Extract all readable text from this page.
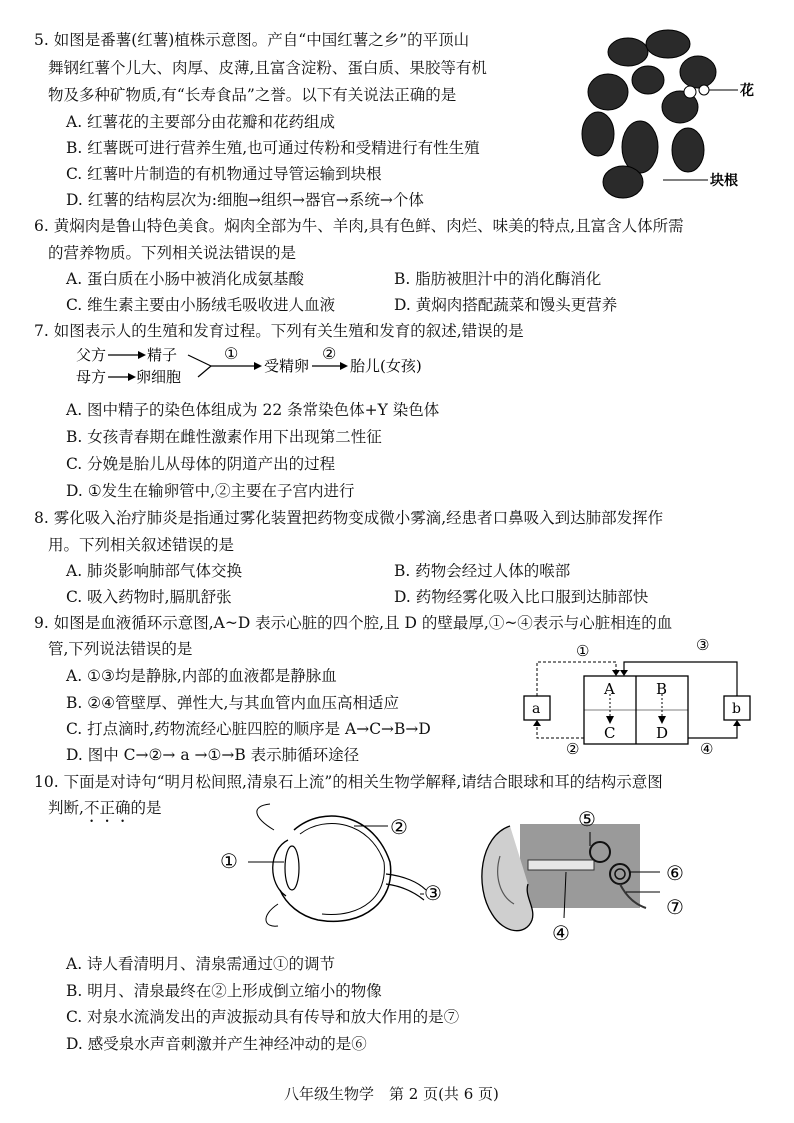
5. 如图是番薯(红薯)植株示意图。产自“中国红薯之乡”的平顶山
舞钢红薯个儿大、肉厚、皮薄,且富含淀粉、蛋白质、果胶等有机
物及多种矿物质,有“长寿食品”之誉。以下有关说法正确的是
A. 红薯花的主要部分由花瓣和花药组成
B. 红薯既可进行营养生殖,也可通过传粉和受精进行有性生殖
C. 红薯叶片制造的有机物通过导管运输到块根
D. 红薯的结构层次为:细胞→组织→器官→系统→个体
花
块根
6. 黄焖肉是鲁山特色美食。焖肉全部为牛、羊肉,具有色鲜、肉烂、味美的特点,且富含人体所需
的营养物质。下列相关说法错误的是
A. 蛋白质在小肠中被消化成氨基酸	B. 脂肪被胆汁中的消化酶消化
C. 维生素主要由小肠绒毛吸收进人血液	D. 黄焖肉搭配蔬菜和馒头更营养
7. 如图表示人的生殖和发育过程。下列有关生殖和发育的叙述,错误的是
父方	精子
母方 卵细胞
①
受精卵
②
胎儿(女孩)
A. 图中精子的染色体组成为 22 条常染色体+Y 染色体
B. 女孩青春期在雌性激素作用下出现第二性征
C. 分娩是胎儿从母体的阴道产出的过程
D. ①发生在输卵管中,②主要在子宫内进行
8. 雾化吸入治疗肺炎是指通过雾化装置把药物变成微小雾滴,经患者口鼻吸入到达肺部发挥作
用。下列相关叙述错误的是
A. 肺炎影响肺部气体交换	B. 药物会经过人体的喉部
C. 吸入药物时,膈肌舒张	D. 药物经雾化吸入比口服到达肺部快
9. 如图是血液循环示意图,A~D 表示心脏的四个腔,且 D 的壁最厚,①~④表示与心脏相连的血
管,下列说法错误的是
A. ①③均是静脉,内部的血液都是静脉血
B. ②④管壁厚、弹性大,与其血管内血压高相适应
C. 打点滴时,药物流经心脏四腔的顺序是 A→C→B→D
D. 图中 C→②→ a →①→B 表示肺循环途径
A	B
C	D
a	b
①	③
②	④
10. 下面是对诗句“明月松间照,清泉石上流”的相关生物学解释,请结合眼球和耳的结构示意图
判断,不正确的是
①
②
③
⑤
⑥
⑦
④
A. 诗人看清明月、清泉需通过①的调节
B. 明月、清泉最终在②上形成倒立缩小的物像
C. 对泉水流淌发出的声波振动具有传导和放大作用的是⑦
D. 感受泉水声音刺激并产生神经冲动的是⑥
八年级生物学　第 2 页(共 6 页)
